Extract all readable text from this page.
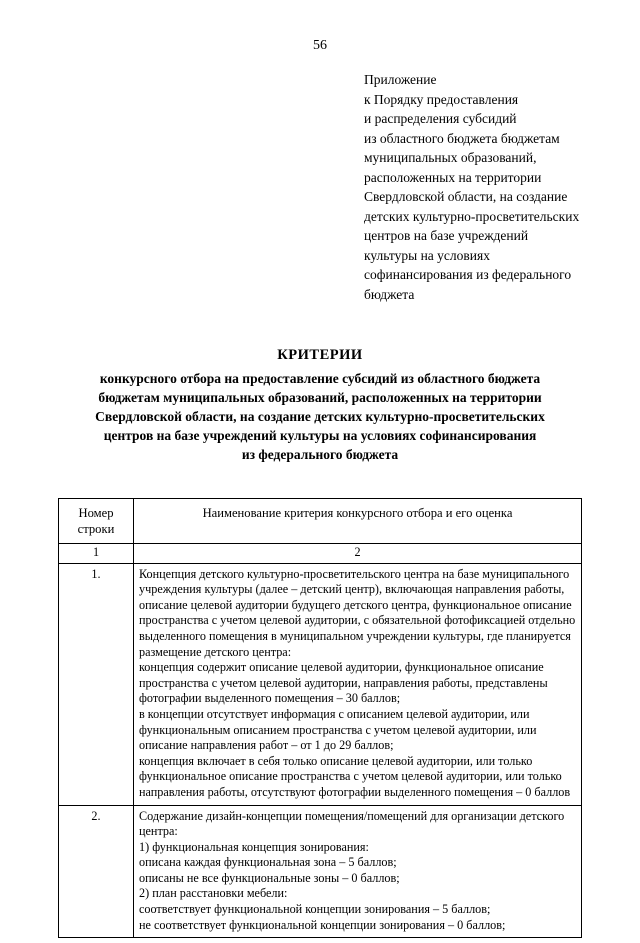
56
Приложение
к Порядку предоставления
и распределения субсидий
из областного бюджета бюджетам
муниципальных образований,
расположенных на территории
Свердловской области, на создание
детских культурно-просветительских
центров на базе учреждений
культуры на условиях
софинансирования из федерального
бюджета
КРИТЕРИИ
конкурсного отбора на предоставление субсидий из областного бюджета
бюджетам муниципальных образований, расположенных на территории
Свердловской области, на создание детских культурно-просветительских
центров на базе учреждений культуры на условиях софинансирования
из федерального бюджета
Номер
строки	Наименование критерия конкурсного отбора и его оценка
1	2
1.	Концепция детского культурно-просветительского центра на базе муниципального учреждения культуры (далее – детский центр), включающая направления работы, описание целевой аудитории будущего детского центра, функциональное описание пространства с учетом целевой аудитории, с обязательной фотофиксацией отдельно выделенного помещения в муниципальном учреждении культуры, где планируется размещение детского центра:

концепция содержит описание целевой аудитории, функциональное описание пространства с учетом целевой аудитории, направления работы, представлены фотографии выделенного помещения – 30 баллов;

в концепции отсутствует информация с описанием целевой аудитории, или функциональным описанием пространства с учетом целевой аудитории, или описание направления работ – от 1 до 29 баллов;

концепция включает в себя только описание целевой аудитории, или только функциональное описание пространства с учетом целевой аудитории, или только направления работы, отсутствуют фотографии выделенного помещения – 0 баллов

2.	Содержание дизайн-концепции помещения/помещений для организации детского центра:

1) функциональная концепция зонирования:

описана каждая функциональная зона – 5 баллов;

описаны не все функциональные зоны – 0 баллов;

2) план расстановки мебели:

соответствует функциональной концепции зонирования – 5 баллов;

не соответствует функциональной концепции зонирования – 0 баллов;
